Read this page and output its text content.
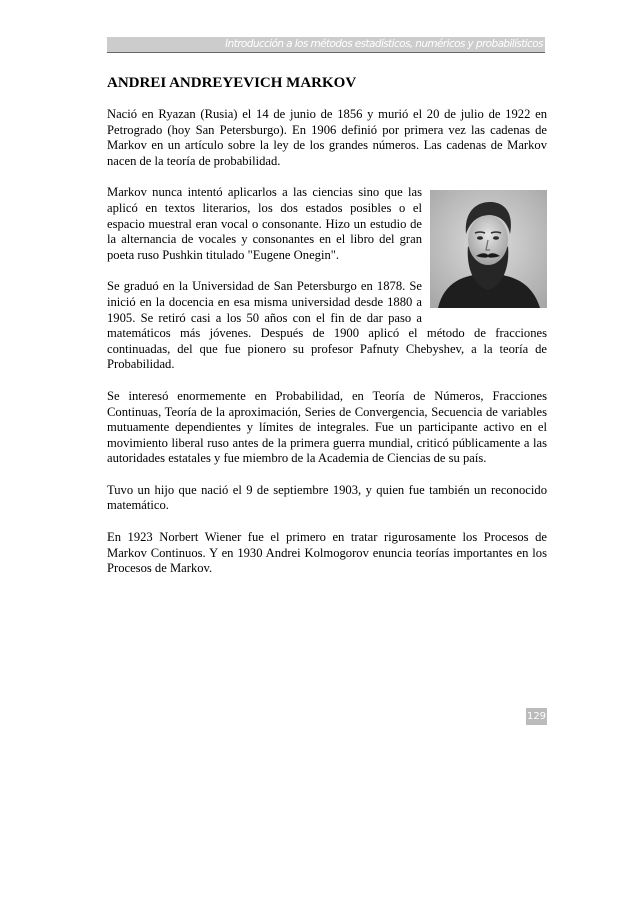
Introducción a los métodos estadísticos, numéricos y probabilísticos
ANDREI ANDREYEVICH MARKOV

Nació en Ryazan (Rusia) el 14 de junio de 1856 y murió el 20 de julio de 1922 en Petrogrado (hoy San Petersburgo). En 1906 definió por primera vez las cadenas de Markov en un artículo sobre la ley de los grandes números. Las cadenas de Markov nacen de la teoría de probabilidad.

Markov nunca intentó aplicarlos a las ciencias sino que las aplicó en textos literarios, los dos estados posibles o el espacio muestral eran vocal o consonante. Hizo un estudio de la alternancia de vocales y consonantes en el libro del gran poeta ruso Pushkin titulado "Eugene Onegin".

Se graduó en la Universidad de San Petersburgo en 1878. Se inició en la docencia en esa misma universidad desde 1880 a 1905. Se retiró casi a los 50 años con el fin de dar paso a matemáticos más jóvenes. Después de 1900 aplicó el método de fracciones continuadas, del que fue pionero su profesor Pafnuty Chebyshev, a la teoría de Probabilidad.

Se interesó enormemente en Probabilidad, en Teoría de Números, Fracciones Continuas, Teoría de la aproximación, Series de Convergencia, Secuencia de variables mutuamente dependientes y límites de integrales. Fue un participante activo en el movimiento liberal ruso antes de la primera guerra mundial, criticó públicamente a las autoridades estatales y fue miembro de la Academia de Ciencias de su país.

Tuvo un hijo que nació el 9 de septiembre 1903, y quien fue también un reconocido matemático.

En 1923 Norbert Wiener fue el primero en tratar rigurosamente los Procesos de Markov Continuos. Y en 1930 Andrei Kolmogorov enuncia teorías importantes en los Procesos de Markov.

129
